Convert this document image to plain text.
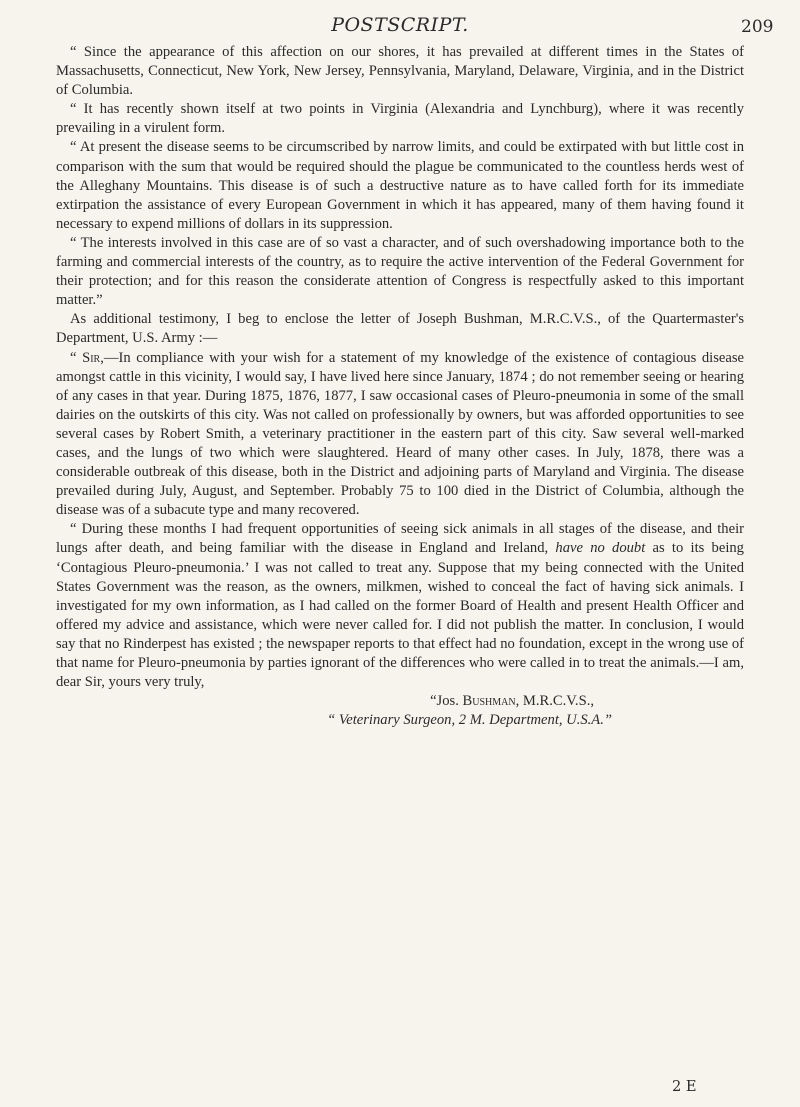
POSTSCRIPT.	209

“ Since the appearance of this affection on our shores, it has prevailed at different times in the States of Massachusetts, Connecticut, New York, New Jersey, Pennsylvania, Maryland, Delaware, Virginia, and in the District of Columbia.

“ It has recently shown itself at two points in Virginia (Alexandria and Lynchburg), where it was recently prevailing in a virulent form.

“ At present the disease seems to be circumscribed by narrow limits, and could be extirpated with but little cost in comparison with the sum that would be required should the plague be communicated to the countless herds west of the Alleghany Mountains. This disease is of such a destructive nature as to have called forth for its immediate extirpation the assistance of every European Government in which it has appeared, many of them having found it necessary to expend millions of dollars in its suppression.

“ The interests involved in this case are of so vast a character, and of such overshadowing importance both to the farming and commercial interests of the country, as to require the active intervention of the Federal Government for their protection; and for this reason the considerate attention of Congress is respectfully asked to this important matter.”

As additional testimony, I beg to enclose the letter of Joseph Bushman, M.R.C.V.S., of the Quartermaster's Department, U.S. Army :—

“ Sir,—In compliance with your wish for a statement of my knowledge of the existence of contagious disease amongst cattle in this vicinity, I would say, I have lived here since January, 1874 ; do not remember seeing or hearing of any cases in that year. During 1875, 1876, 1877, I saw occasional cases of Pleuro-pneumonia in some of the small dairies on the outskirts of this city. Was not called on professionally by owners, but was afforded opportunities to see several cases by Robert Smith, a veterinary practitioner in the eastern part of this city. Saw several well-marked cases, and the lungs of two which were slaughtered. Heard of many other cases. In July, 1878, there was a considerable outbreak of this disease, both in the District and adjoining parts of Maryland and Virginia. The disease prevailed during July, August, and September. Probably 75 to 100 died in the District of Columbia, although the disease was of a subacute type and many recovered.

“ During these months I had frequent opportunities of seeing sick animals in all stages of the disease, and their lungs after death, and being familiar with the disease in England and Ireland, have no doubt as to its being ‘Contagious Pleuro-pneumonia.’ I was not called to treat any. Suppose that my being connected with the United States Government was the reason, as the owners, milkmen, wished to conceal the fact of having sick animals. I investigated for my own information, as I had called on the former Board of Health and present Health Officer and offered my advice and assistance, which were never called for. I did not publish the matter. In conclusion, I would say that no Rinderpest has existed ; the newspaper reports to that effect had no foundation, except in the wrong use of that name for Pleuro-pneumonia by parties ignorant of the differences who were called in to treat the animals.—I am, dear Sir, yours very truly,

“Jos. Bushman, M.R.C.V.S.,

“ Veterinary Surgeon, 2 M. Department, U.S.A.”

2 E
